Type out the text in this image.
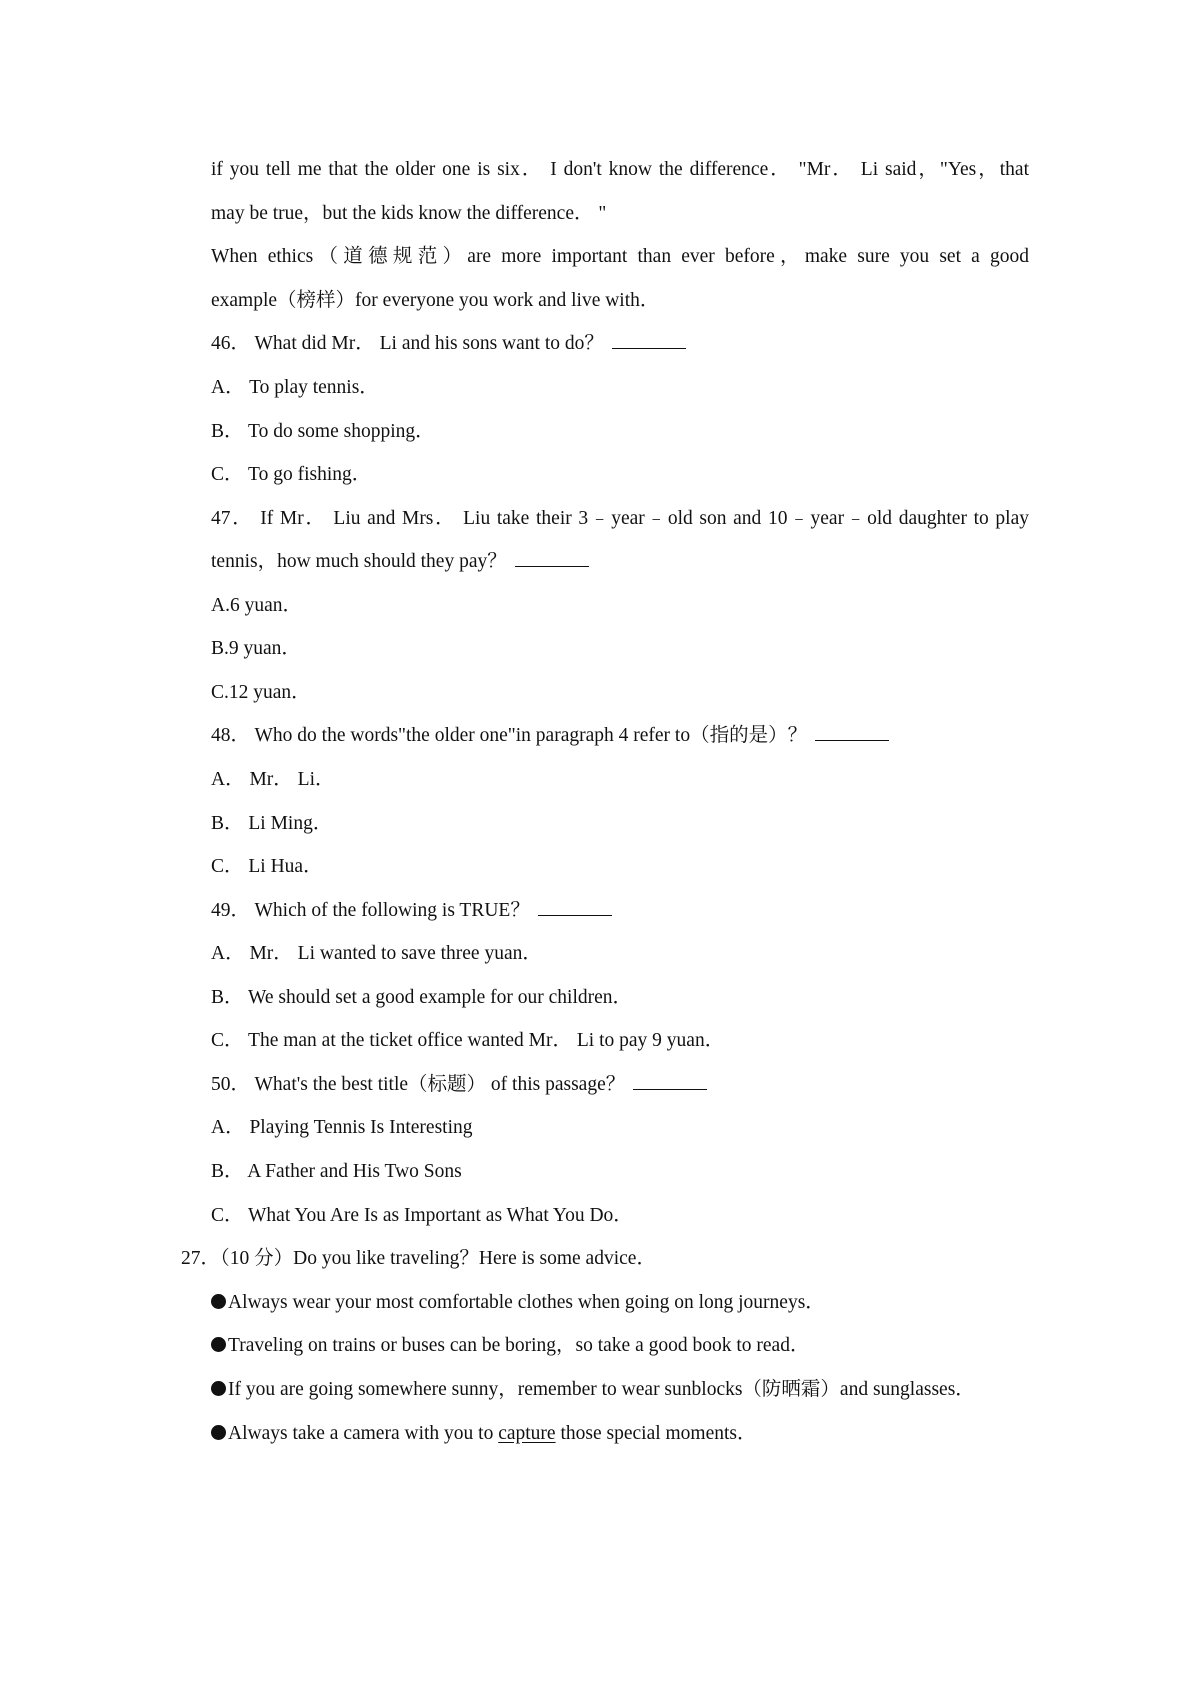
if you tell me that the older one is six． I don't know the difference． "Mr． Li said，"Yes，that
may be true，but the kids know the difference． "
When ethics（道德规范）are more important than ever before，make sure you set a good
example（榜样）for everyone you work and live with．
46． What did Mr． Li and his sons want to do？
A． To play tennis．
B． To do some shopping．
C． To go fishing．
47． If Mr． Liu and Mrs． Liu take their 3﹣year﹣old son and 10﹣year﹣old daughter to play
tennis，how much should they pay？
A.6 yuan．
B.9 yuan．
C.12 yuan．
48． Who do the words"the older one"in paragraph 4 refer to（指的是）？
A． Mr． Li．
B． Li Ming．
C． Li Hua．
49． Which of the following is TRUE？
A． Mr． Li wanted to save three yuan．
B． We should set a good example for our children．
C． The man at the ticket office wanted Mr． Li to pay 9 yuan．
50． What's the best title（标题） of this passage？
A． Playing Tennis Is Interesting
B． A Father and His Two Sons
C． What You Are Is as Important as What You Do．
27．（10 分）Do you like traveling？Here is some advice．
Always wear your most comfortable clothes when going on long journeys．
Traveling on trains or buses can be boring，so take a good book to read．
If you are going somewhere sunny，remember to wear sunblocks（防晒霜）and sunglasses．
Always take a camera with you to capture those special moments．
